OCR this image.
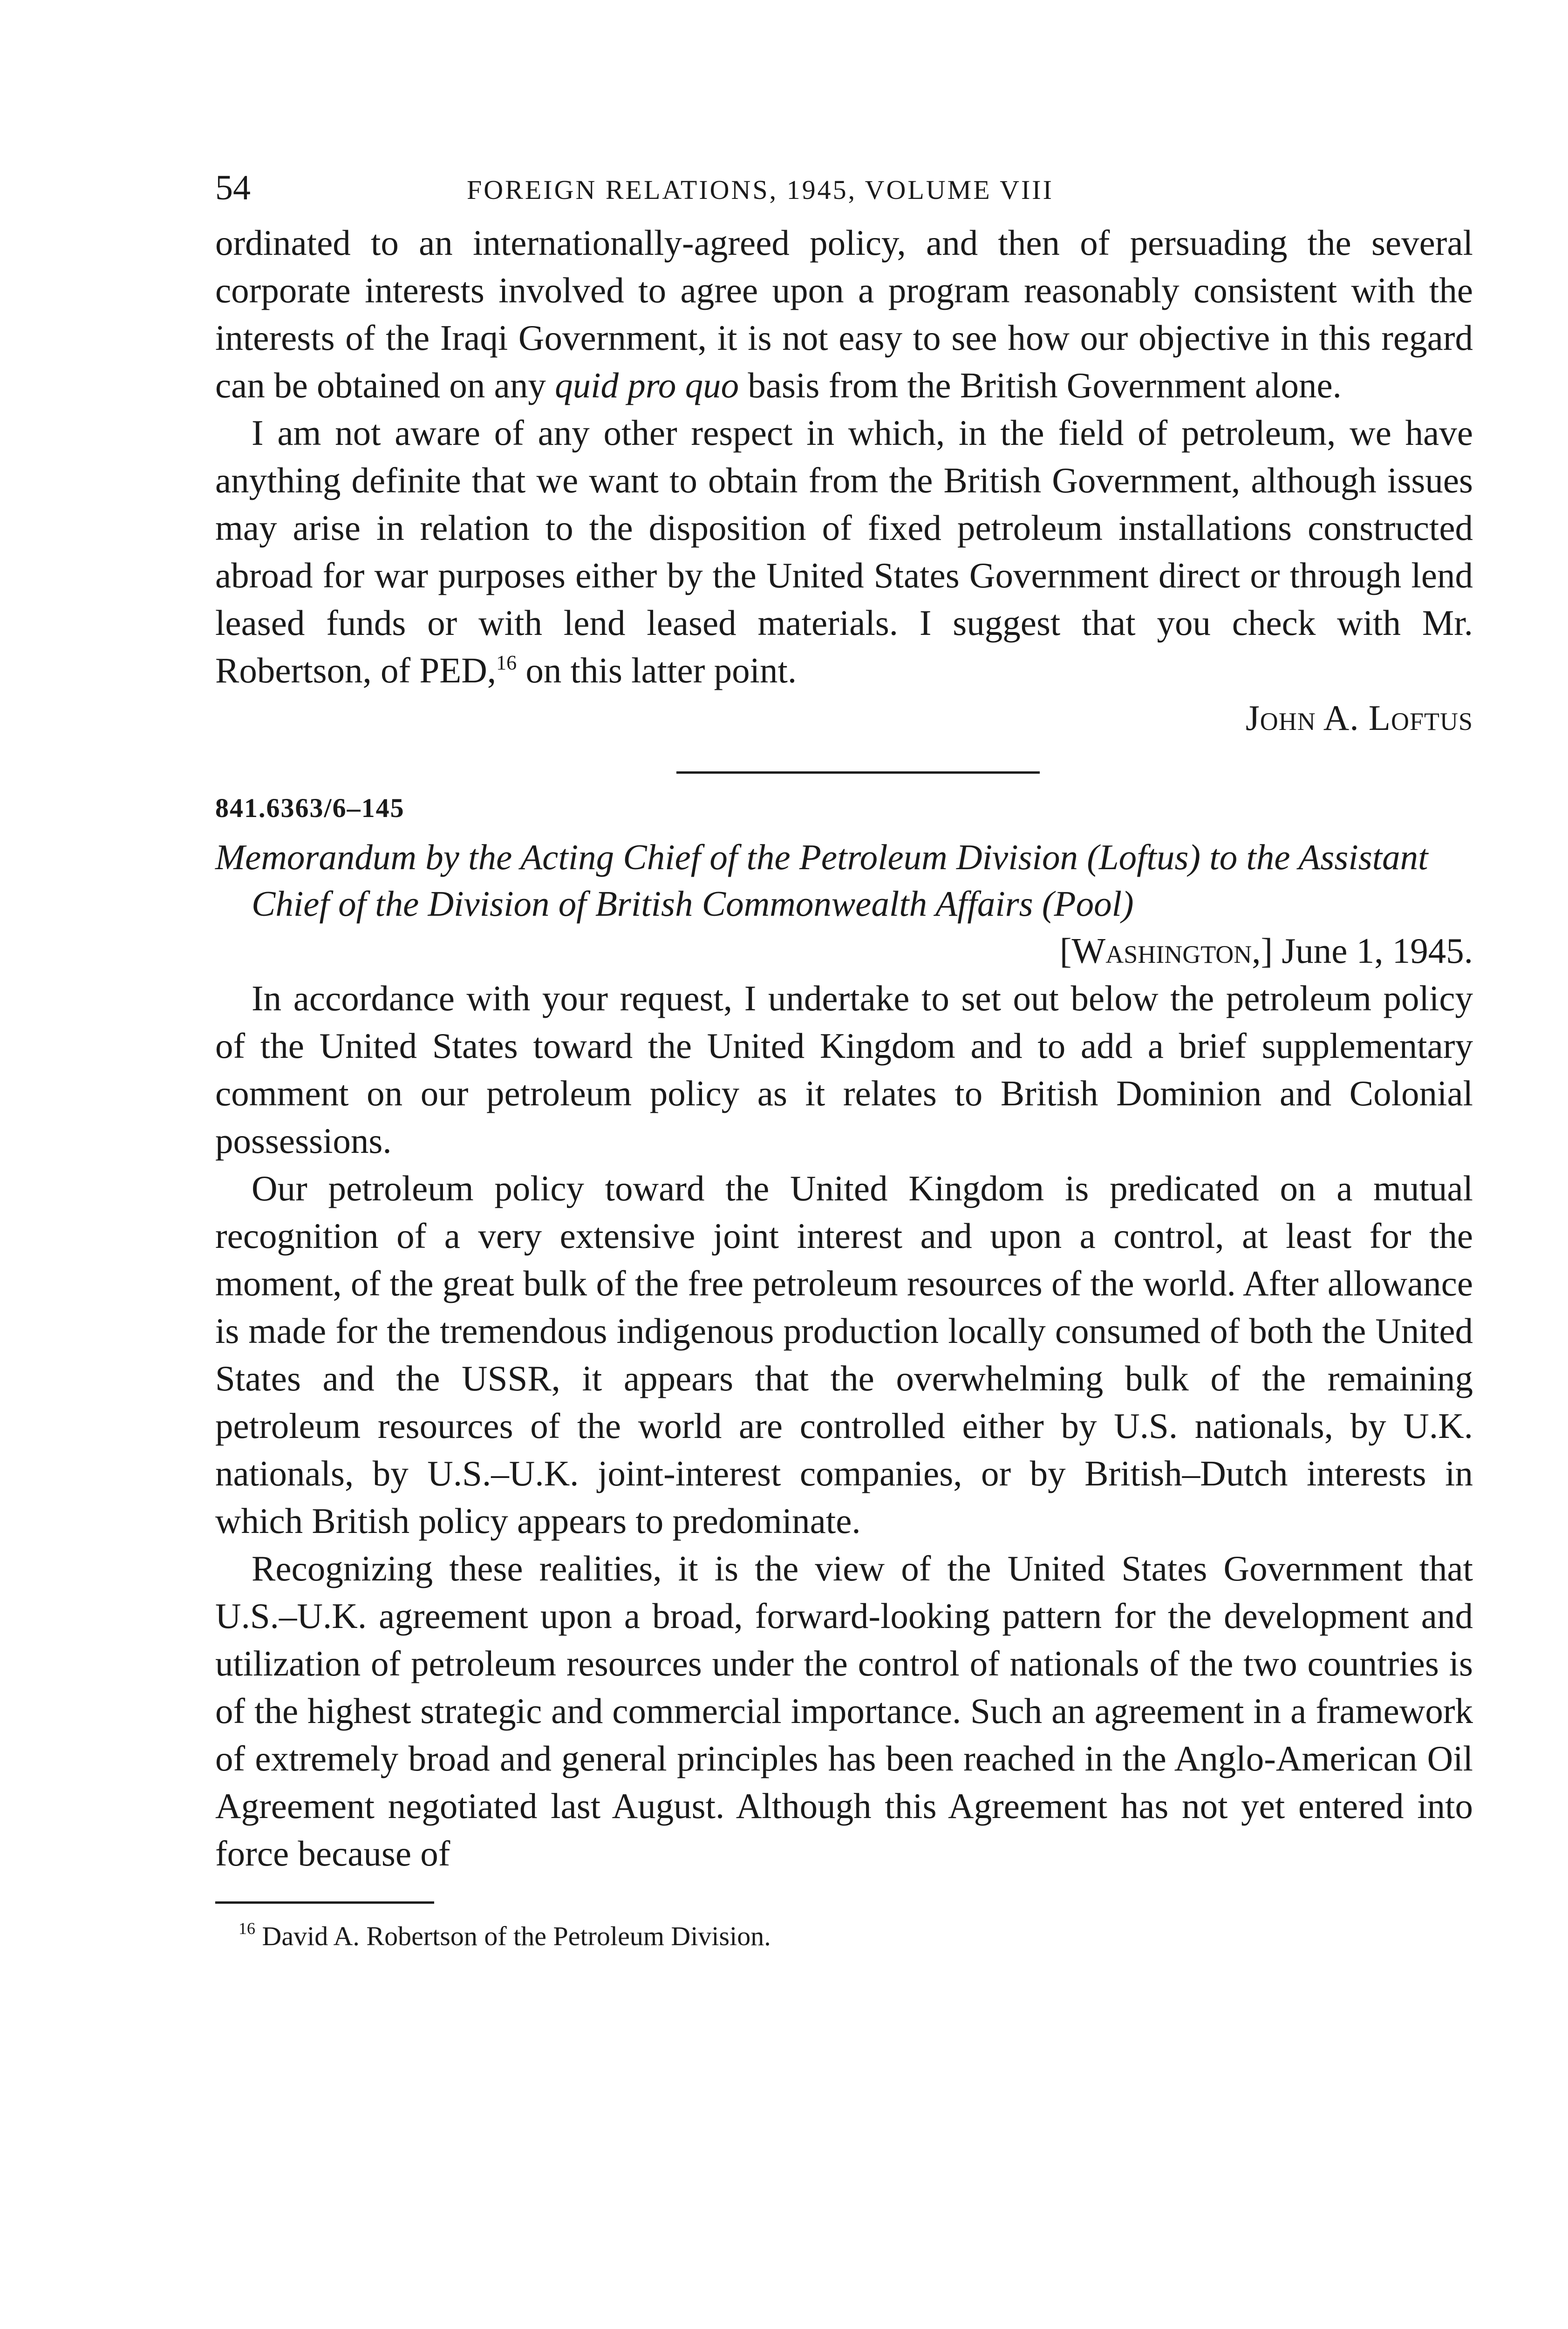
54	FOREIGN RELATIONS, 1945, VOLUME VIII

ordinated to an internationally-agreed policy, and then of persuading the several corporate interests involved to agree upon a program reasonably consistent with the interests of the Iraqi Government, it is not easy to see how our objective in this regard can be obtained on any quid pro quo basis from the British Government alone.

I am not aware of any other respect in which, in the field of petroleum, we have anything definite that we want to obtain from the British Government, although issues may arise in relation to the disposition of fixed petroleum installations constructed abroad for war purposes either by the United States Government direct or through lend leased funds or with lend leased materials. I suggest that you check with Mr. Robertson, of PED,$^{16}$ on this latter point.

John A. Loftus
841.6363/6–145

Memorandum by the Acting Chief of the Petroleum Division (Loftus) to the Assistant Chief of the Division of British Commonwealth Affairs (Pool)

[Washington,] June 1, 1945.

In accordance with your request, I undertake to set out below the petroleum policy of the United States toward the United Kingdom and to add a brief supplementary comment on our petroleum policy as it relates to British Dominion and Colonial possessions.

Our petroleum policy toward the United Kingdom is predicated on a mutual recognition of a very extensive joint interest and upon a control, at least for the moment, of the great bulk of the free petroleum resources of the world. After allowance is made for the tremendous indigenous production locally consumed of both the United States and the USSR, it appears that the overwhelming bulk of the remaining petroleum resources of the world are controlled either by U.S. nationals, by U.K. nationals, by U.S.–U.K. joint-interest companies, or by British–Dutch interests in which British policy appears to predominate.

Recognizing these realities, it is the view of the United States Government that U.S.–U.K. agreement upon a broad, forward-looking pattern for the development and utilization of petroleum resources under the control of nationals of the two countries is of the highest strategic and commercial importance. Such an agreement in a framework of extremely broad and general principles has been reached in the Anglo-American Oil Agreement negotiated last August. Although this Agreement has not yet entered into force because of

$^{16}$ David A. Robertson of the Petroleum Division.
